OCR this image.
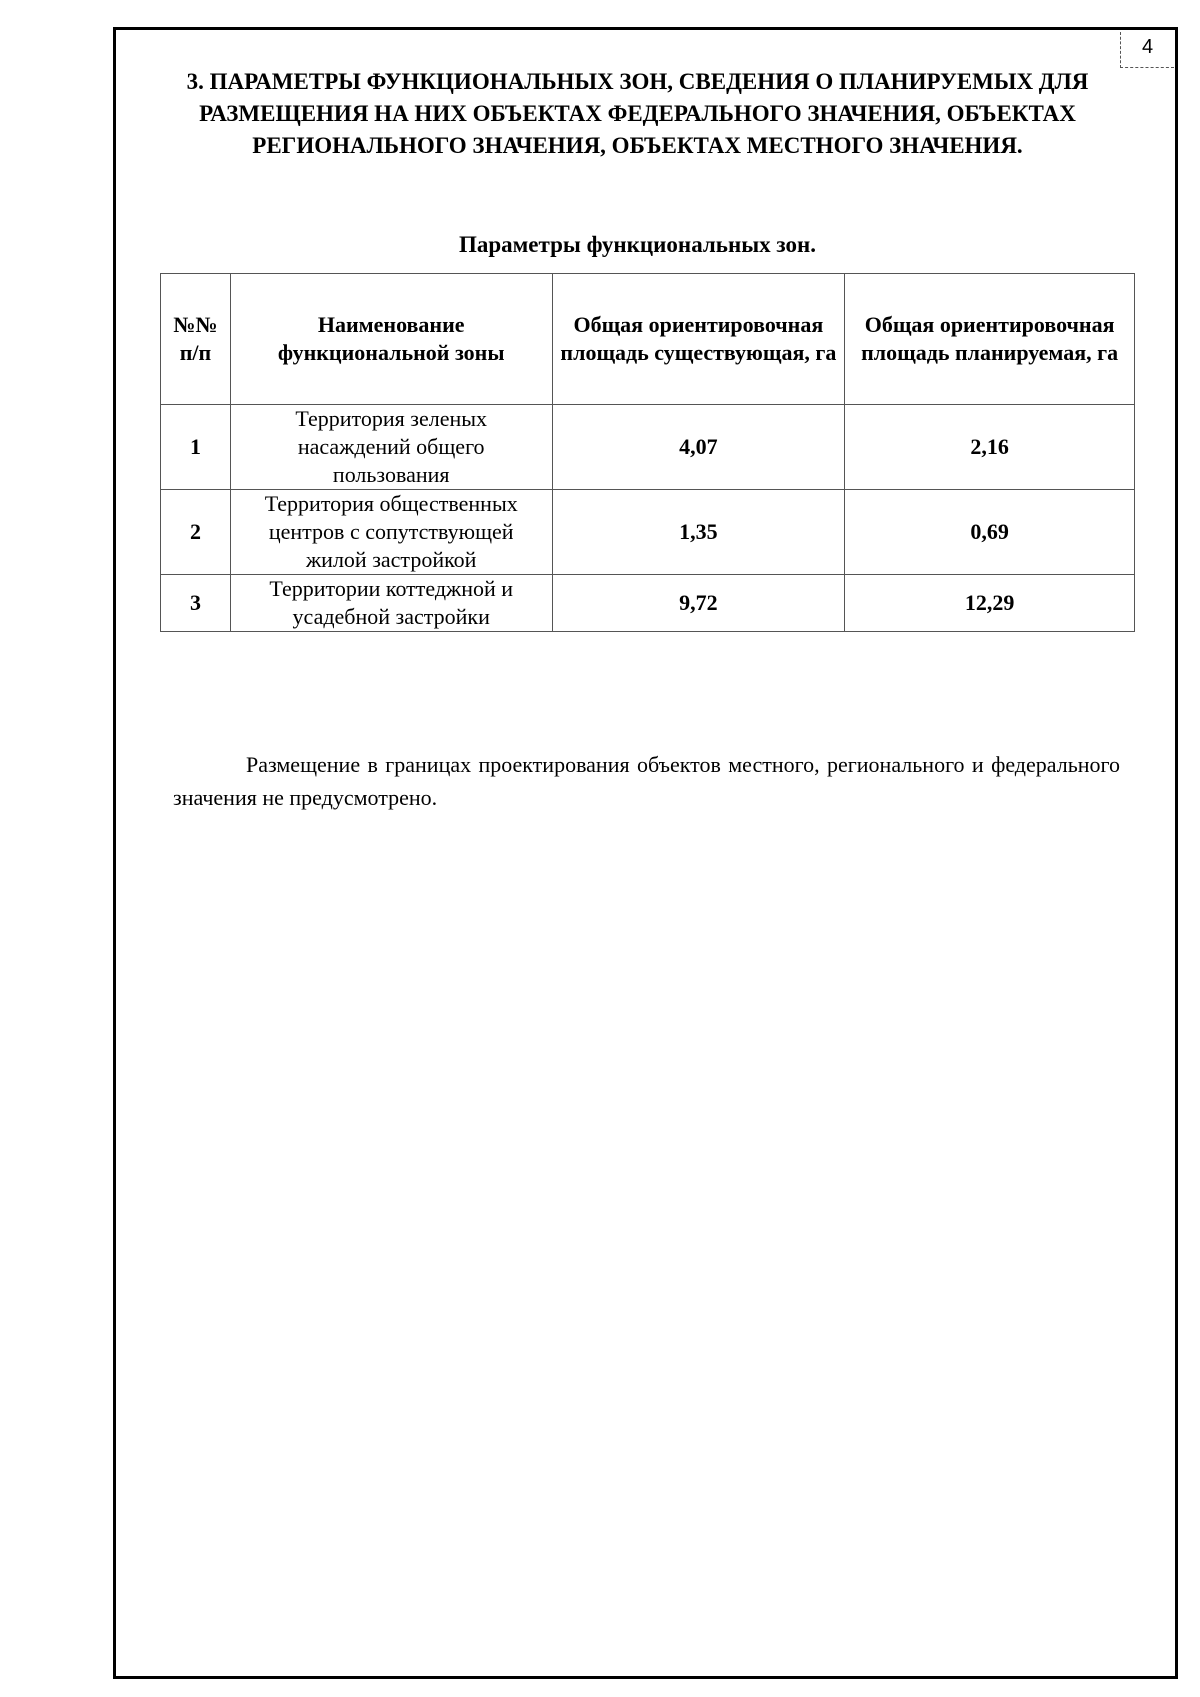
4
3. ПАРАМЕТРЫ ФУНКЦИОНАЛЬНЫХ ЗОН, СВЕДЕНИЯ О ПЛАНИРУЕМЫХ ДЛЯ РАЗМЕЩЕНИЯ НА НИХ ОБЪЕКТАХ ФЕДЕРАЛЬНОГО ЗНАЧЕНИЯ, ОБЪЕКТАХ РЕГИОНАЛЬНОГО ЗНАЧЕНИЯ, ОБЪЕКТАХ МЕСТНОГО ЗНАЧЕНИЯ.
Параметры функциональных зон.
№№ п/п	Наименование функциональной зоны	Общая ориентировочная площадь существующая, га	Общая ориентировочная площадь планируемая, га
1	Территория зеленых насаждений общего пользования	4,07	2,16
2	Территория общественных центров с сопутствующей жилой застройкой	1,35	0,69
3	Территории коттеджной и усадебной застройки	9,72	12,29

Размещение в границах проектирования объектов местного, регионального и федерального значения не предусмотрено.
